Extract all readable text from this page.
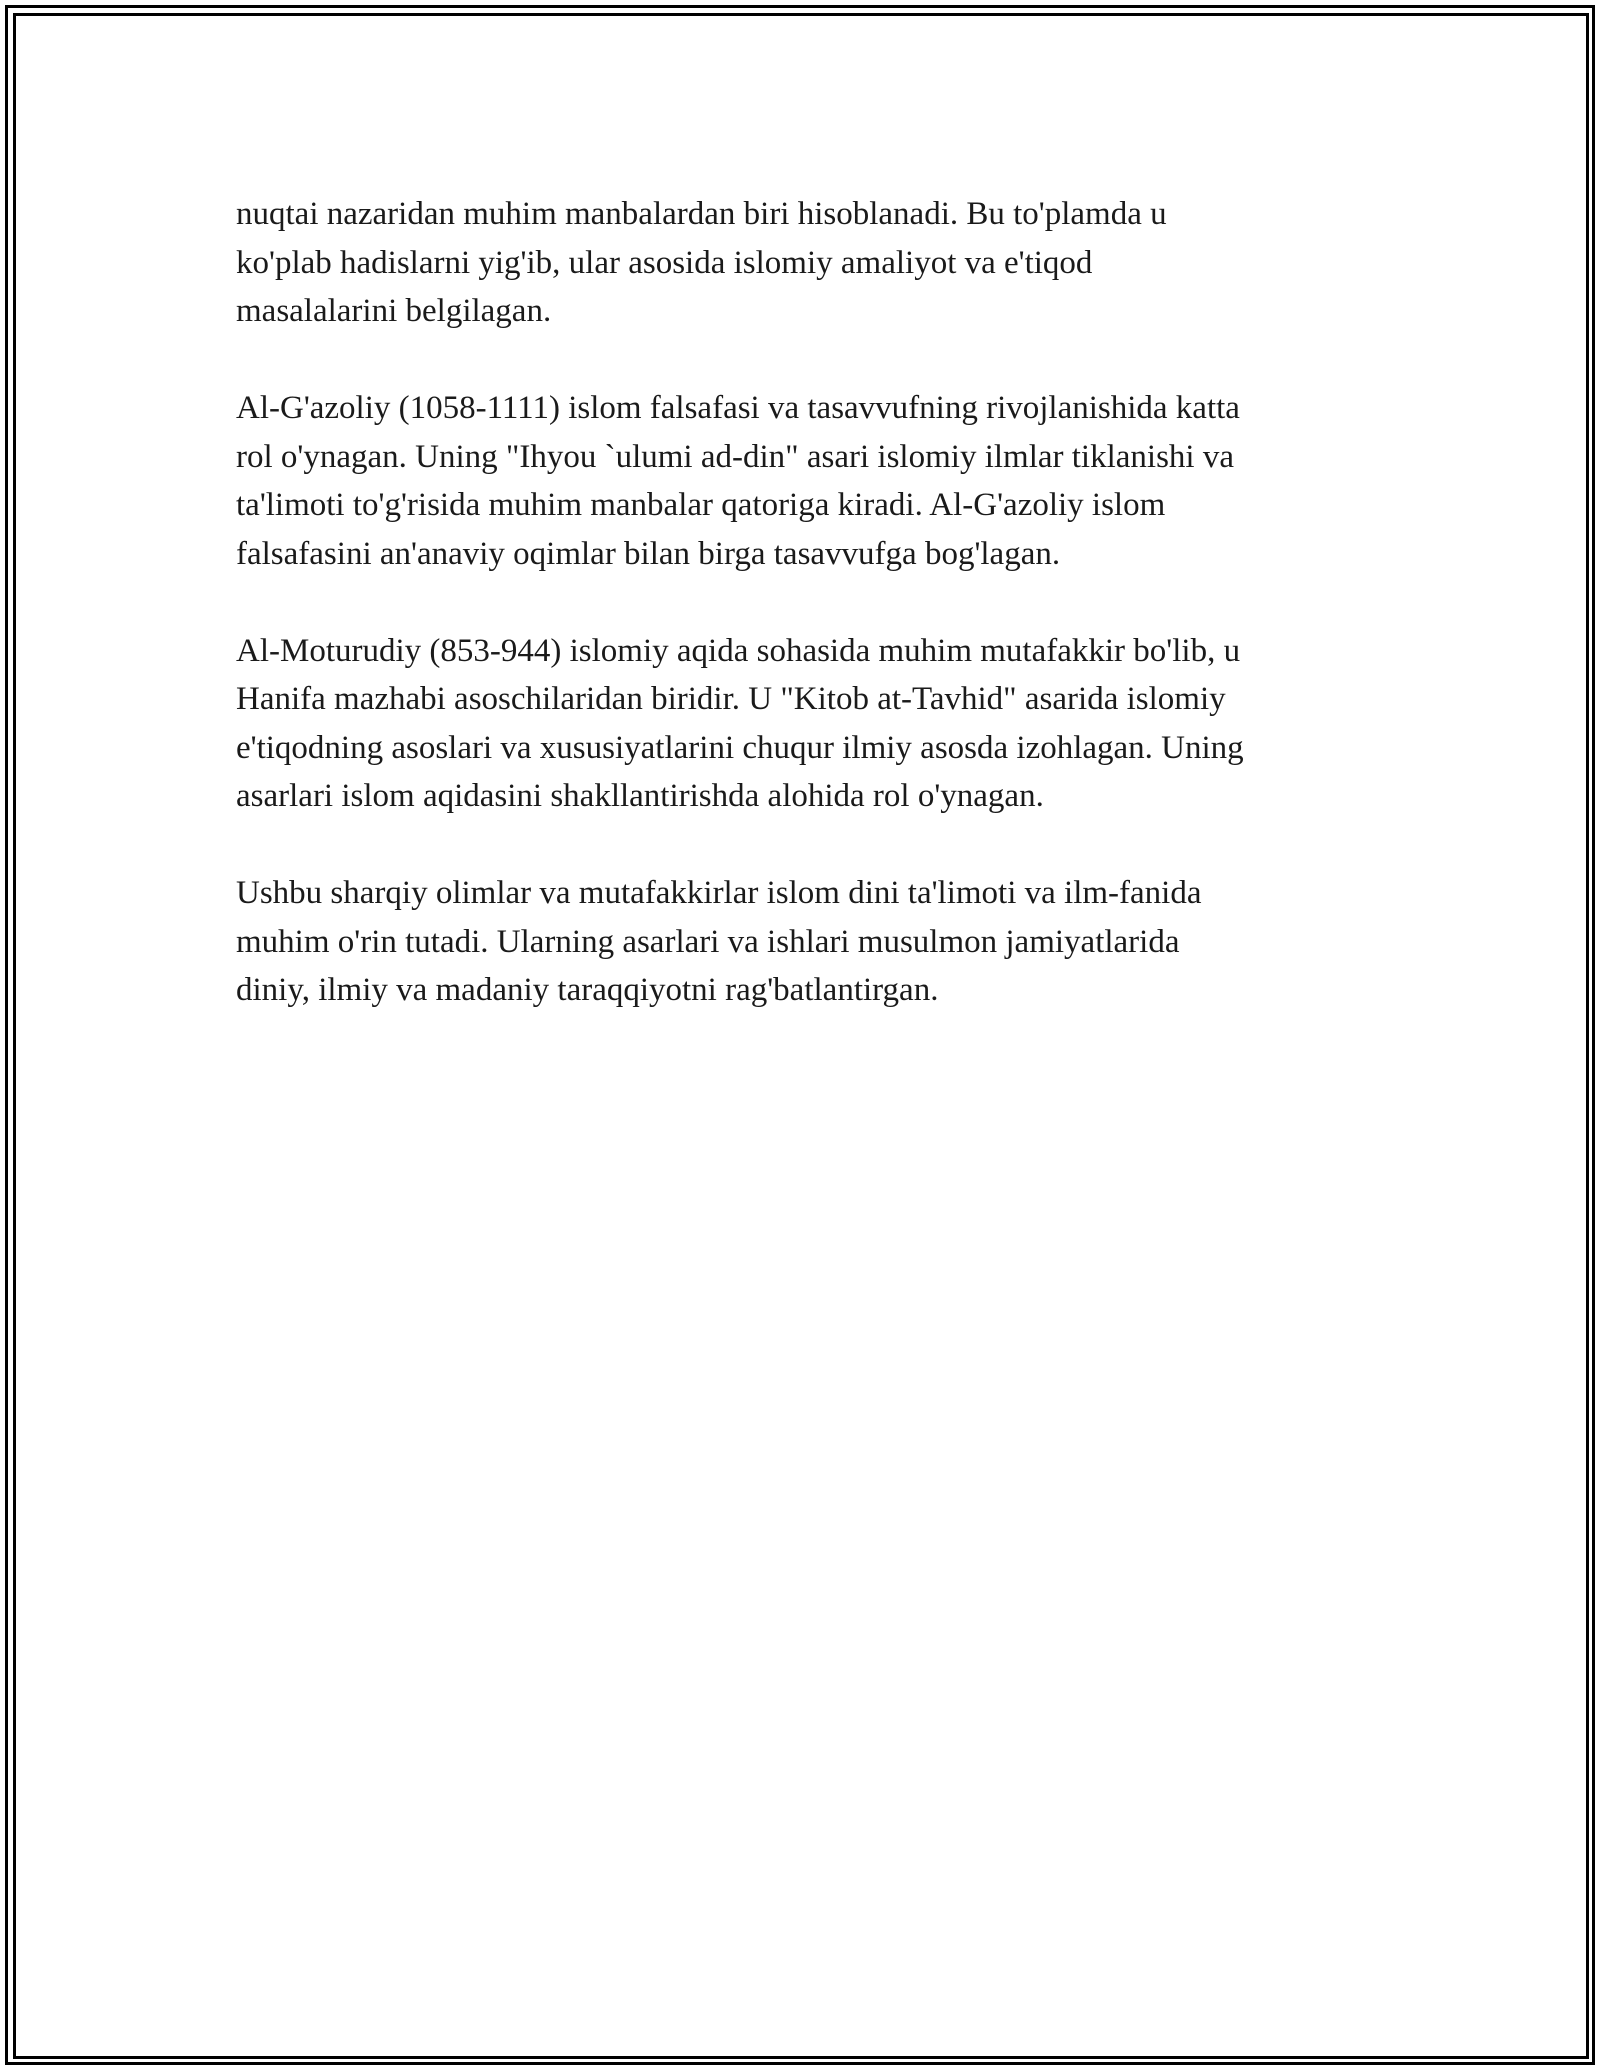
nuqtai nazaridan muhim manbalardan biri hisoblanadi. Bu to'plamda u
ko'plab hadislarni yig'ib, ular asosida islomiy amaliyot va e'tiqod
masalalarini belgilagan.

Al-G'azoliy (1058-1111) islom falsafasi va tasavvufning rivojlanishida katta
rol o'ynagan. Uning "Ihyou `ulumi ad-din" asari islomiy ilmlar tiklanishi va
ta'limoti to'g'risida muhim manbalar qatoriga kiradi. Al-G'azoliy islom
falsafasini an'anaviy oqimlar bilan birga tasavvufga bog'lagan.

Al-Moturudiy (853-944) islomiy aqida sohasida muhim mutafakkir bo'lib, u
Hanifa mazhabi asoschilaridan biridir. U "Kitob at-Tavhid" asarida islomiy
e'tiqodning asoslari va xususiyatlarini chuqur ilmiy asosda izohlagan. Uning
asarlari islom aqidasini shakllantirishda alohida rol o'ynagan.

Ushbu sharqiy olimlar va mutafakkirlar islom dini ta'limoti va ilm-fanida
muhim o'rin tutadi. Ularning asarlari va ishlari musulmon jamiyatlarida
diniy, ilmiy va madaniy taraqqiyotni rag'batlantirgan.
